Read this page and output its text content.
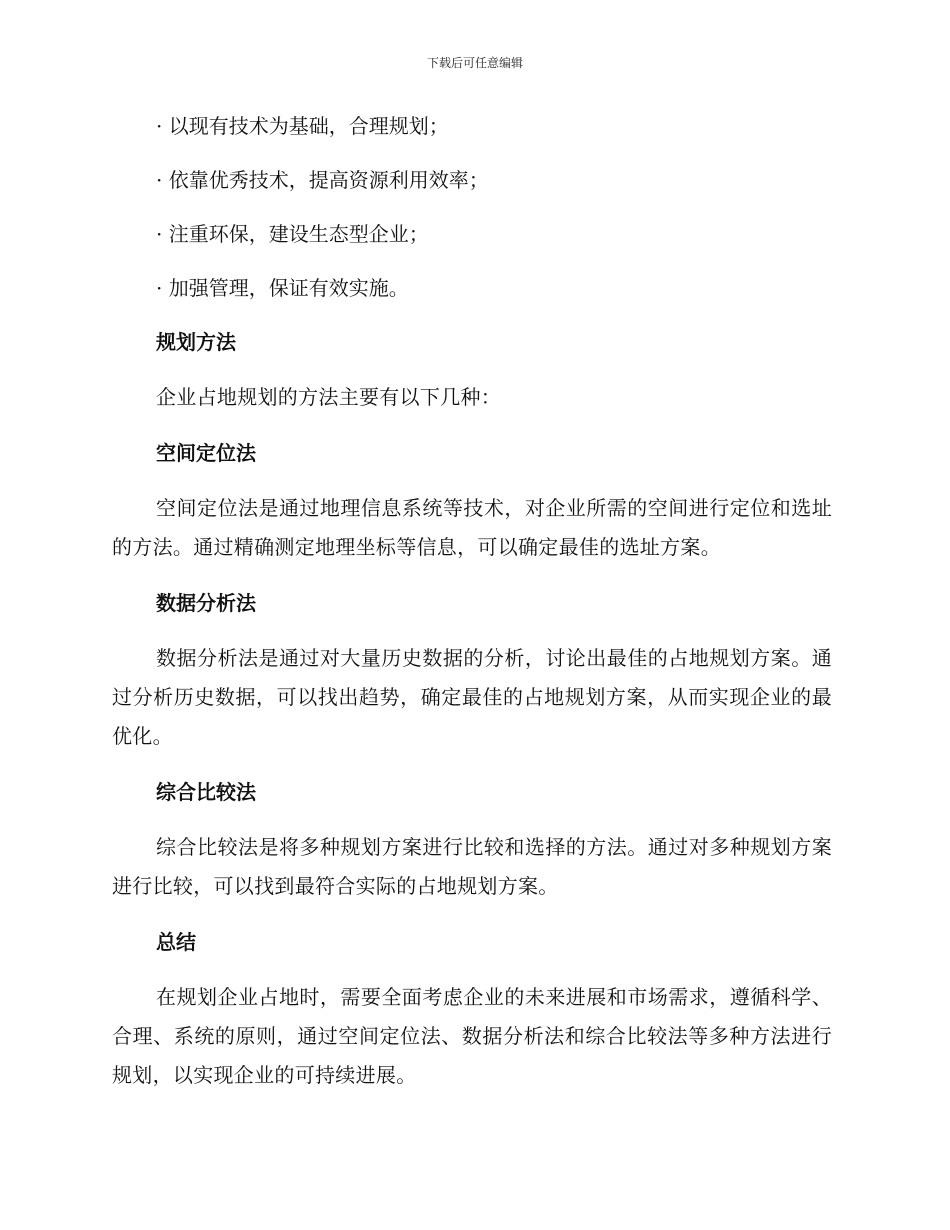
下载后可任意编辑

· 以现有技术为基础，合理规划；

· 依靠优秀技术，提高资源利用效率；

· 注重环保，建设生态型企业；

· 加强管理，保证有效实施。

规划方法

企业占地规划的方法主要有以下几种：

空间定位法

空间定位法是通过地理信息系统等技术，对企业所需的空间进行定位和选址的方法。通过精确测定地理坐标等信息，可以确定最佳的选址方案。

数据分析法

数据分析法是通过对大量历史数据的分析，讨论出最佳的占地规划方案。通过分析历史数据，可以找出趋势，确定最佳的占地规划方案，从而实现企业的最优化。

综合比较法

综合比较法是将多种规划方案进行比较和选择的方法。通过对多种规划方案进行比较，可以找到最符合实际的占地规划方案。

总结

在规划企业占地时，需要全面考虑企业的未来进展和市场需求，遵循科学、合理、系统的原则，通过空间定位法、数据分析法和综合比较法等多种方法进行规划，以实现企业的可持续进展。
